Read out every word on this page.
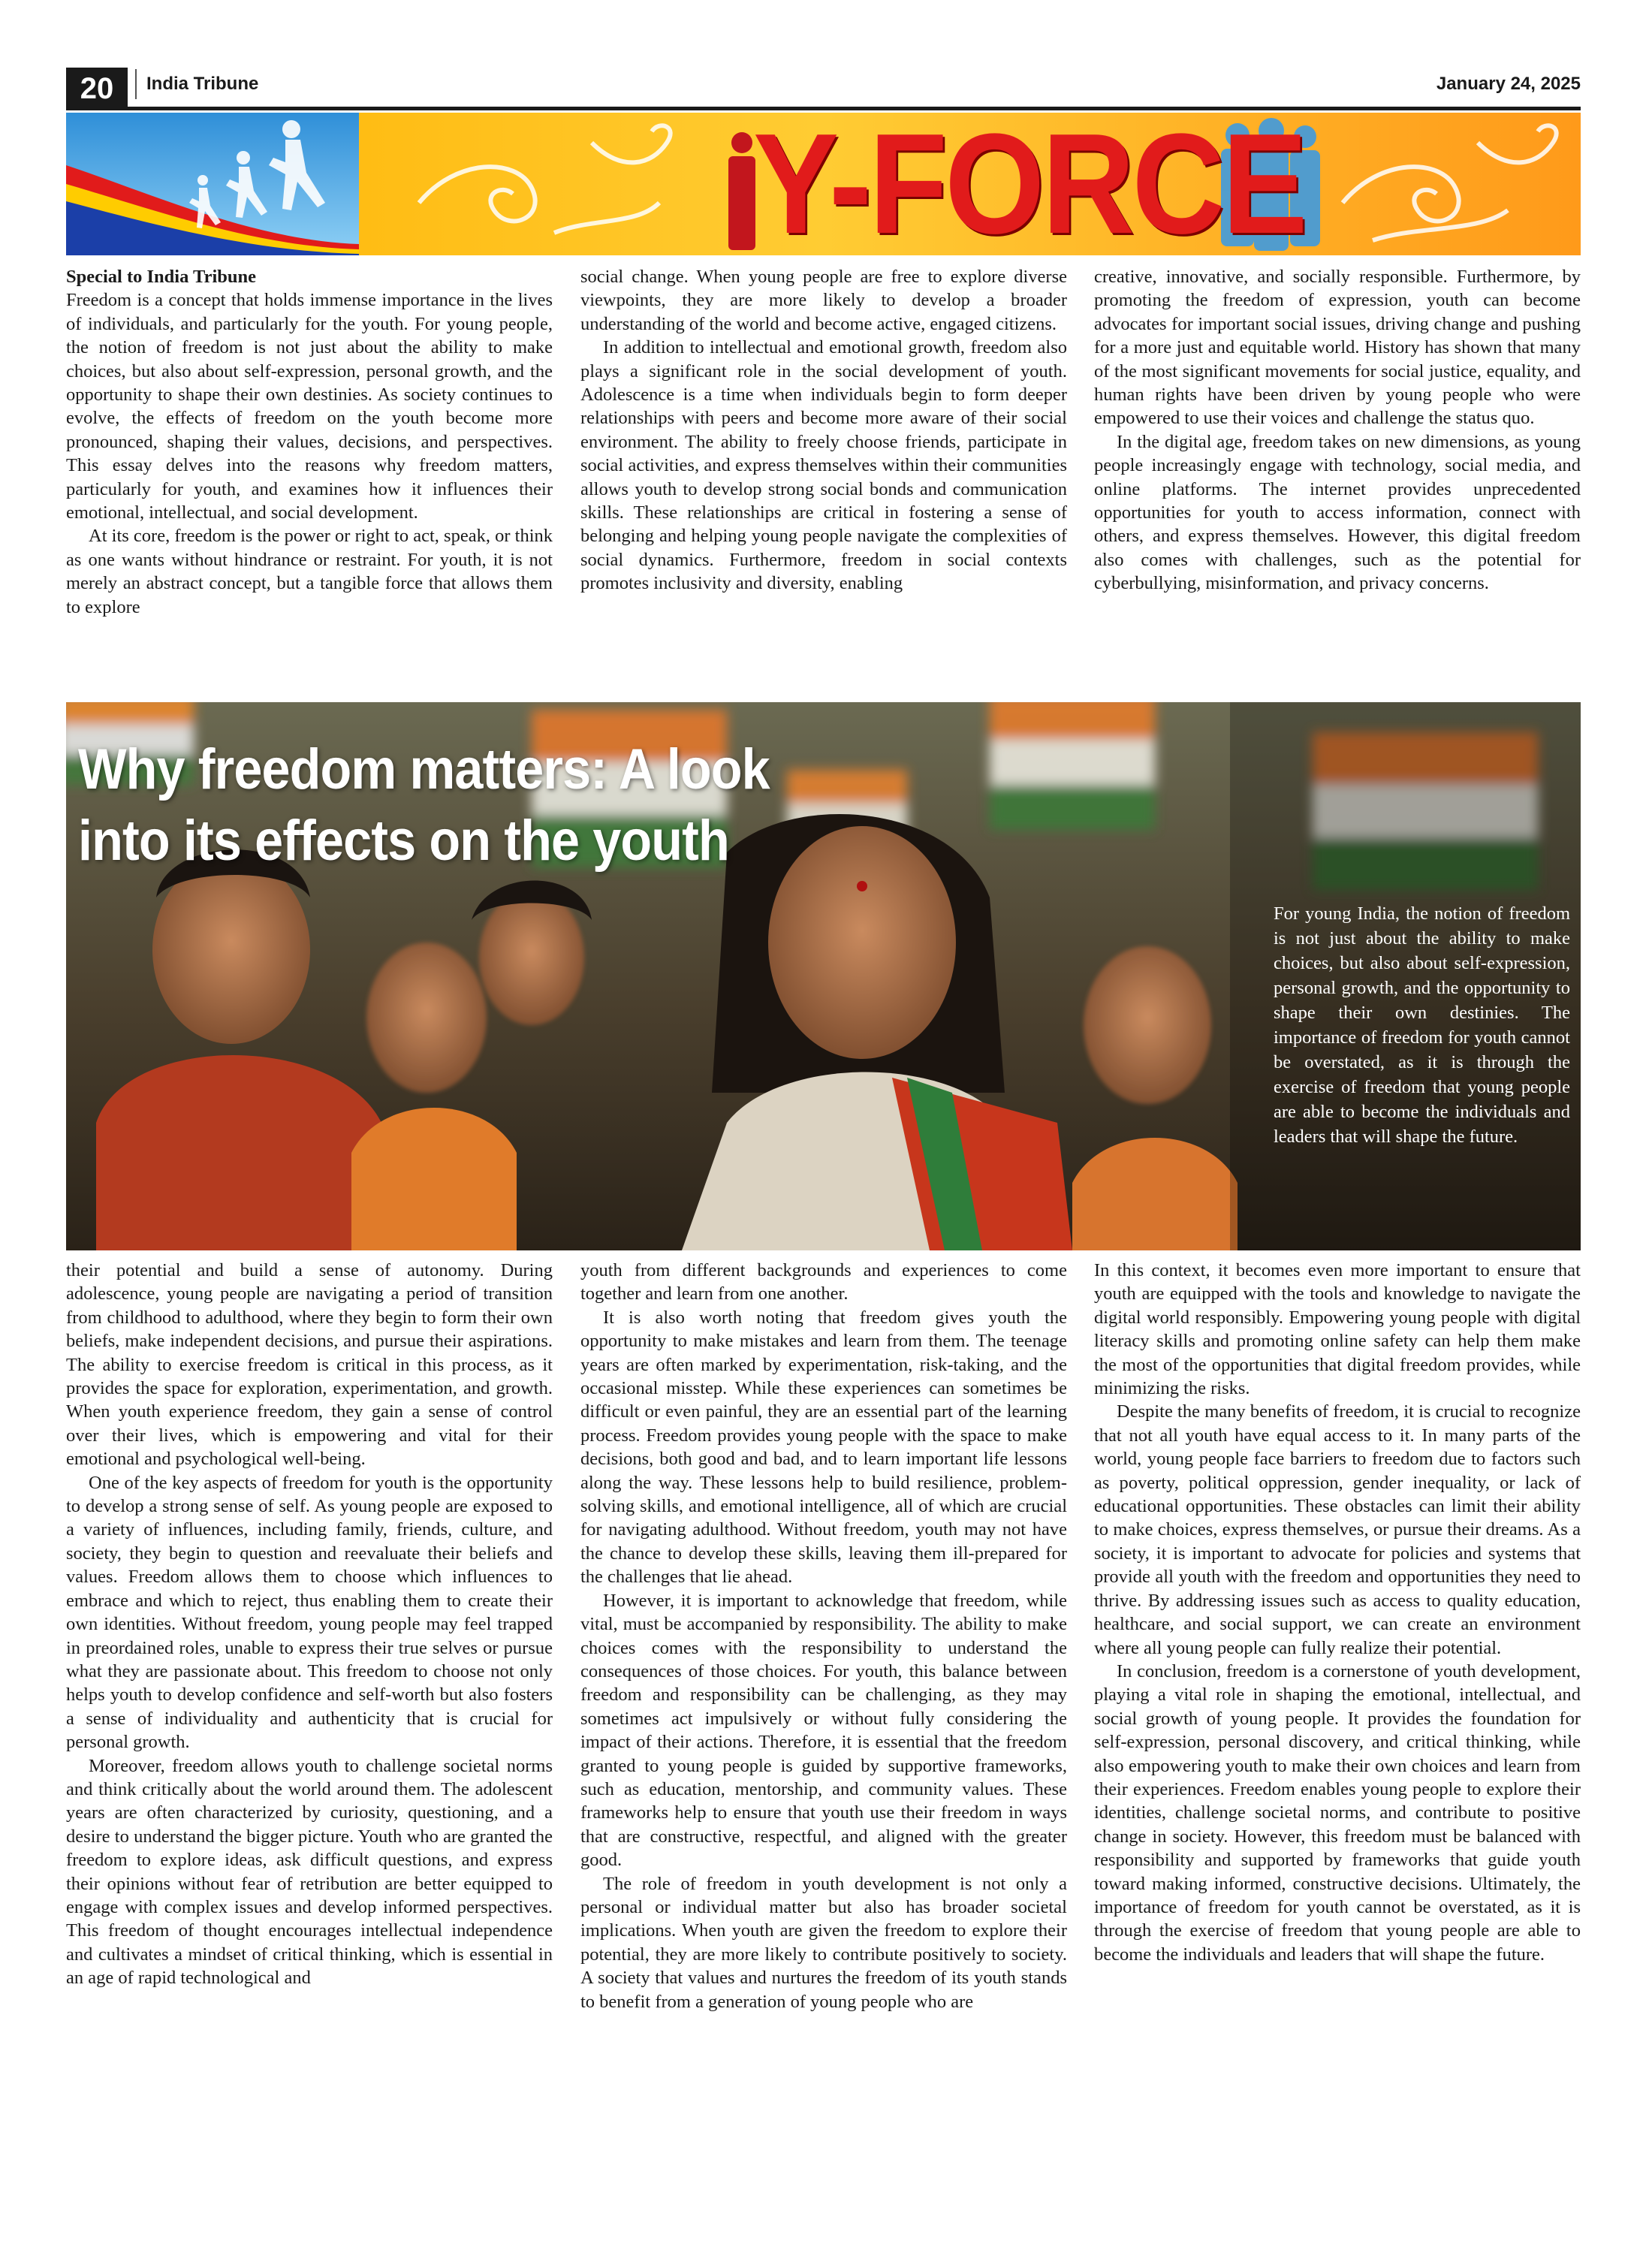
20	India Tribune	January 24, 2025
Y-FORCE

Special to India Tribune

Freedom is a concept that holds immense importance in the lives of individuals, and particularly for the youth. For young people, the notion of freedom is not just about the ability to make choices, but also about self-expression, personal growth, and the opportunity to shape their own destinies. As society continues to evolve, the effects of freedom on the youth become more pronounced, shaping their values, decisions, and perspectives. This essay delves into the reasons why freedom matters, particularly for youth, and examines how it influences their emotional, intellectual, and social development.

At its core, freedom is the power or right to act, speak, or think as one wants without hindrance or restraint. For youth, it is not merely an abstract concept, but a tangible force that allows them to explore

social change. When young people are free to explore diverse viewpoints, they are more likely to develop a broader understanding of the world and become active, engaged citizens.

In addition to intellectual and emotional growth, freedom also plays a significant role in the social development of youth. Adolescence is a time when individuals begin to form deeper relationships with peers and become more aware of their social environment. The ability to freely choose friends, participate in social activities, and express themselves within their communities allows youth to develop strong social bonds and communication skills. These relationships are critical in fostering a sense of belonging and helping young people navigate the complexities of social dynamics. Furthermore, freedom in social contexts promotes inclusivity and diversity, enabling

creative, innovative, and socially responsible. Furthermore, by promoting the freedom of expression, youth can become advocates for important social issues, driving change and pushing for a more just and equitable world. History has shown that many of the most significant movements for social justice, equality, and human rights have been driven by young people who were empowered to use their voices and challenge the status quo.

In the digital age, freedom takes on new dimensions, as young people increasingly engage with technology, social media, and online platforms. The internet provides unprecedented opportunities for youth to access information, connect with others, and express themselves. However, this digital freedom also comes with challenges, such as the potential for cyberbullying, misinformation, and privacy concerns.

Why freedom matters: A look
into its effects on the youth
For young India, the notion of freedom is not just about the ability to make choices, but also about self-expression, personal growth, and the opportunity to shape their own destinies. The importance of freedom for youth cannot be overstated, as it is through the exercise of freedom that young people are able to become the individuals and leaders that will shape the future.

their potential and build a sense of autonomy. During adolescence, young people are navigating a period of transition from childhood to adulthood, where they begin to form their own beliefs, make independent decisions, and pursue their aspirations. The ability to exercise freedom is critical in this process, as it provides the space for exploration, experimentation, and growth. When youth experience freedom, they gain a sense of control over their lives, which is empowering and vital for their emotional and psychological well-being.

One of the key aspects of freedom for youth is the opportunity to develop a strong sense of self. As young people are exposed to a variety of influences, including family, friends, culture, and society, they begin to question and reevaluate their beliefs and values. Freedom allows them to choose which influences to embrace and which to reject, thus enabling them to create their own identities. Without freedom, young people may feel trapped in preordained roles, unable to express their true selves or pursue what they are passionate about. This freedom to choose not only helps youth to develop confidence and self-worth but also fosters a sense of individuality and authenticity that is crucial for personal growth.

Moreover, freedom allows youth to challenge societal norms and think critically about the world around them. The adolescent years are often characterized by curiosity, questioning, and a desire to understand the bigger picture. Youth who are granted the freedom to explore ideas, ask difficult questions, and express their opinions without fear of retribution are better equipped to engage with complex issues and develop informed perspectives. This freedom of thought encourages intellectual independence and cultivates a mindset of critical thinking, which is essential in an age of rapid technological and

youth from different backgrounds and experiences to come together and learn from one another.

It is also worth noting that freedom gives youth the opportunity to make mistakes and learn from them. The teenage years are often marked by experimentation, risk-taking, and the occasional misstep. While these experiences can sometimes be difficult or even painful, they are an essential part of the learning process. Freedom provides young people with the space to make decisions, both good and bad, and to learn important life lessons along the way. These lessons help to build resilience, problem-solving skills, and emotional intelligence, all of which are crucial for navigating adulthood. Without freedom, youth may not have the chance to develop these skills, leaving them ill-prepared for the challenges that lie ahead.

However, it is important to acknowledge that freedom, while vital, must be accompanied by responsibility. The ability to make choices comes with the responsibility to understand the consequences of those choices. For youth, this balance between freedom and responsibility can be challenging, as they may sometimes act impulsively or without fully considering the impact of their actions. Therefore, it is essential that the freedom granted to young people is guided by supportive frameworks, such as education, mentorship, and community values. These frameworks help to ensure that youth use their freedom in ways that are constructive, respectful, and aligned with the greater good.

The role of freedom in youth development is not only a personal or individual matter but also has broader societal implications. When youth are given the freedom to explore their potential, they are more likely to contribute positively to society. A society that values and nurtures the freedom of its youth stands to benefit from a generation of young people who are

In this context, it becomes even more important to ensure that youth are equipped with the tools and knowledge to navigate the digital world responsibly. Empowering young people with digital literacy skills and promoting online safety can help them make the most of the opportunities that digital freedom provides, while minimizing the risks.

Despite the many benefits of freedom, it is crucial to recognize that not all youth have equal access to it. In many parts of the world, young people face barriers to freedom due to factors such as poverty, political oppression, gender inequality, or lack of educational opportunities. These obstacles can limit their ability to make choices, express themselves, or pursue their dreams. As a society, it is important to advocate for policies and systems that provide all youth with the freedom and opportunities they need to thrive. By addressing issues such as access to quality education, healthcare, and social support, we can create an environment where all young people can fully realize their potential.

In conclusion, freedom is a cornerstone of youth development, playing a vital role in shaping the emotional, intellectual, and social growth of young people. It provides the foundation for self-expression, personal discovery, and critical thinking, while also empowering youth to make their own choices and learn from their experiences. Freedom enables young people to explore their identities, challenge societal norms, and contribute to positive change in society. However, this freedom must be balanced with responsibility and supported by frameworks that guide youth toward making informed, constructive decisions. Ultimately, the importance of freedom for youth cannot be overstated, as it is through the exercise of freedom that young people are able to become the individuals and leaders that will shape the future.
